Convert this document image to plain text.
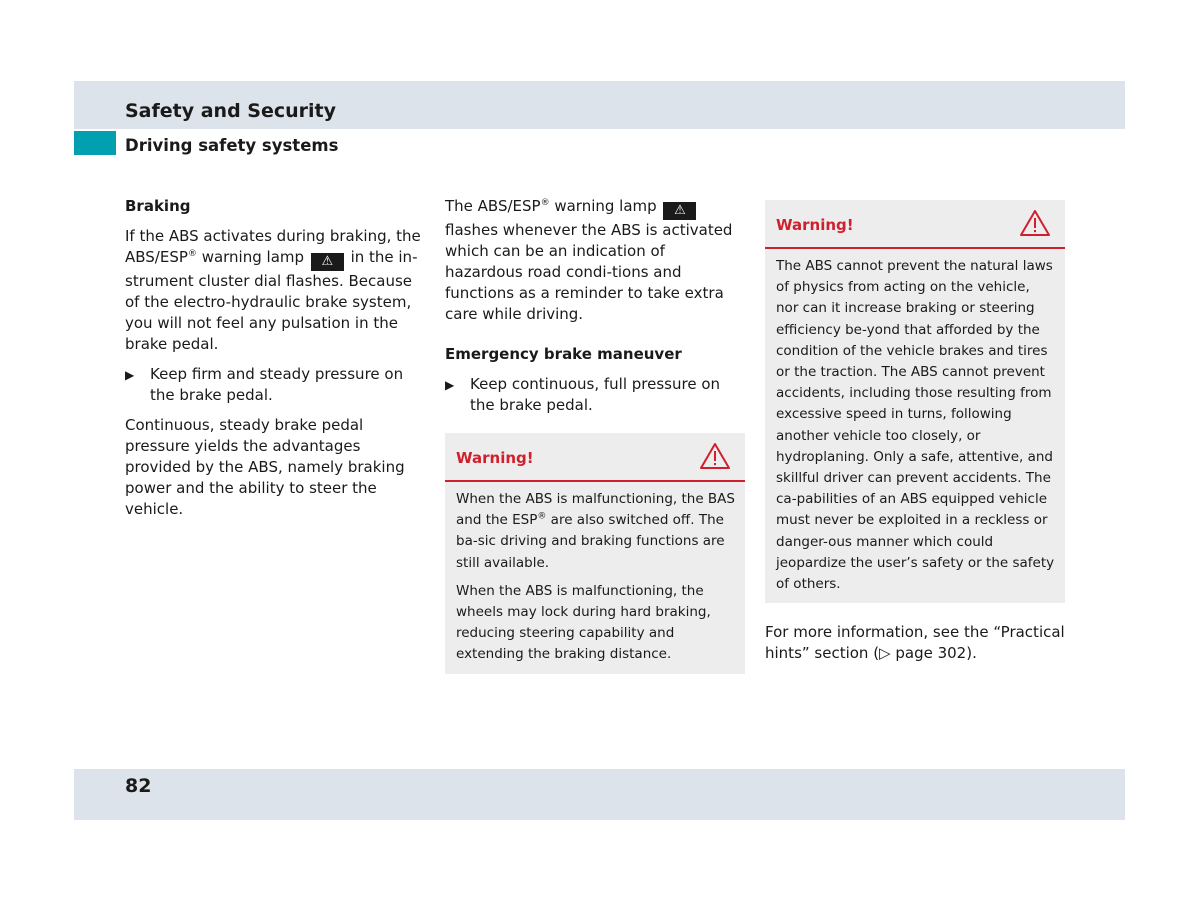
Safety and Security
Driving safety systems
Braking

If the ABS activates during braking, the ABS/ESP® warning lamp ⚠ in the in-strument cluster dial flashes. Because of the electro-hydraulic brake system, you will not feel any pulsation in the brake pedal.

▶ Keep firm and steady pressure on the brake pedal.

Continuous, steady brake pedal pressure yields the advantages provided by the ABS, namely braking power and the ability to steer the vehicle.

The ABS/ESP® warning lamp ⚠ flashes whenever the ABS is activated which can be an indication of hazardous road condi-tions and functions as a reminder to take extra care while driving.

Emergency brake maneuver
▶ Keep continuous, full pressure on the brake pedal.
Warning!

When the ABS is malfunctioning, the BAS and the ESP® are also switched off. The ba-sic driving and braking functions are still available.

When the ABS is malfunctioning, the wheels may lock during hard braking, reducing steering capability and extending the braking distance.

Warning!

The ABS cannot prevent the natural laws of physics from acting on the vehicle, nor can it increase braking or steering efficiency be-yond that afforded by the condition of the vehicle brakes and tires or the traction. The ABS cannot prevent accidents, including those resulting from excessive speed in turns, following another vehicle too closely, or hydroplaning. Only a safe, attentive, and skillful driver can prevent accidents. The ca-pabilities of an ABS equipped vehicle must never be exploited in a reckless or danger-ous manner which could jeopardize the user’s safety or the safety of others.

For more information, see the “Practical hints” section (▷ page 302).

82
